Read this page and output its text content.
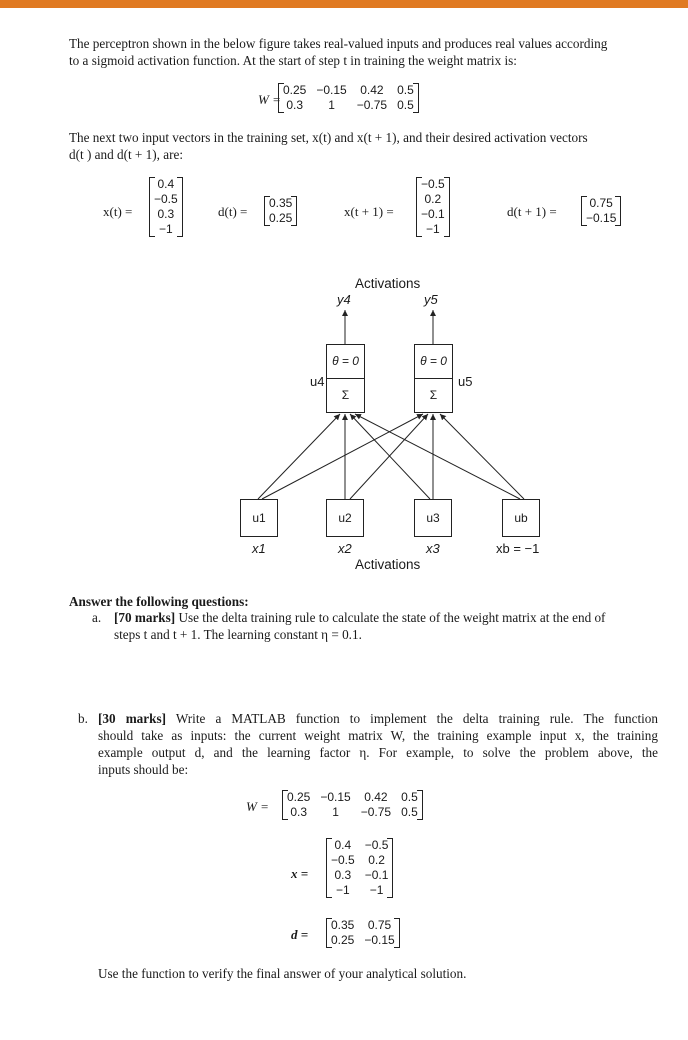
The perceptron shown in the below figure takes real-valued inputs and produces real values according
to a sigmoid activation function. At the start of step t in training the weight matrix is:
W =
0.25	−0.15	0.42	0.5
0.3	1	−0.75	0.5
The next two input vectors in the training set, x(t) and x(t + 1), and their desired activation vectors
d(t ) and d(t + 1), are:
x(t) =
0.4
−0.5
0.3
−1
d(t) =
0.35
0.25	x(t + 1) =
−0.5
0.2
−0.1
−1
d(t + 1) =
0.75
−0.15
Activations
y4	y5
θ = 0
Σ
u4
θ = 0
Σ
u5
u1	u2	u3	ub
x1	x2	x3	xb = −1
Activations
Answer the following questions:
a. [70 marks] Use the delta training rule to calculate the state of the weight matrix at the end of
steps t and t + 1. The learning constant η = 0.1.
b. [30 marks] Write a MATLAB function to implement the delta training rule. The function
should take as inputs: the current weight matrix W, the training example input x, the training
example output d, and the learning factor η. For example, to solve the problem above, the
inputs should be:
W =
0.25	−0.15	0.42	0.5
0.3	1	−0.75	0.5
x =
0.4	−0.5
−0.5	0.2
0.3	−0.1
−1	−1
d =
0.35	0.75
0.25	−0.15
Use the function to verify the final answer of your analytical solution.
